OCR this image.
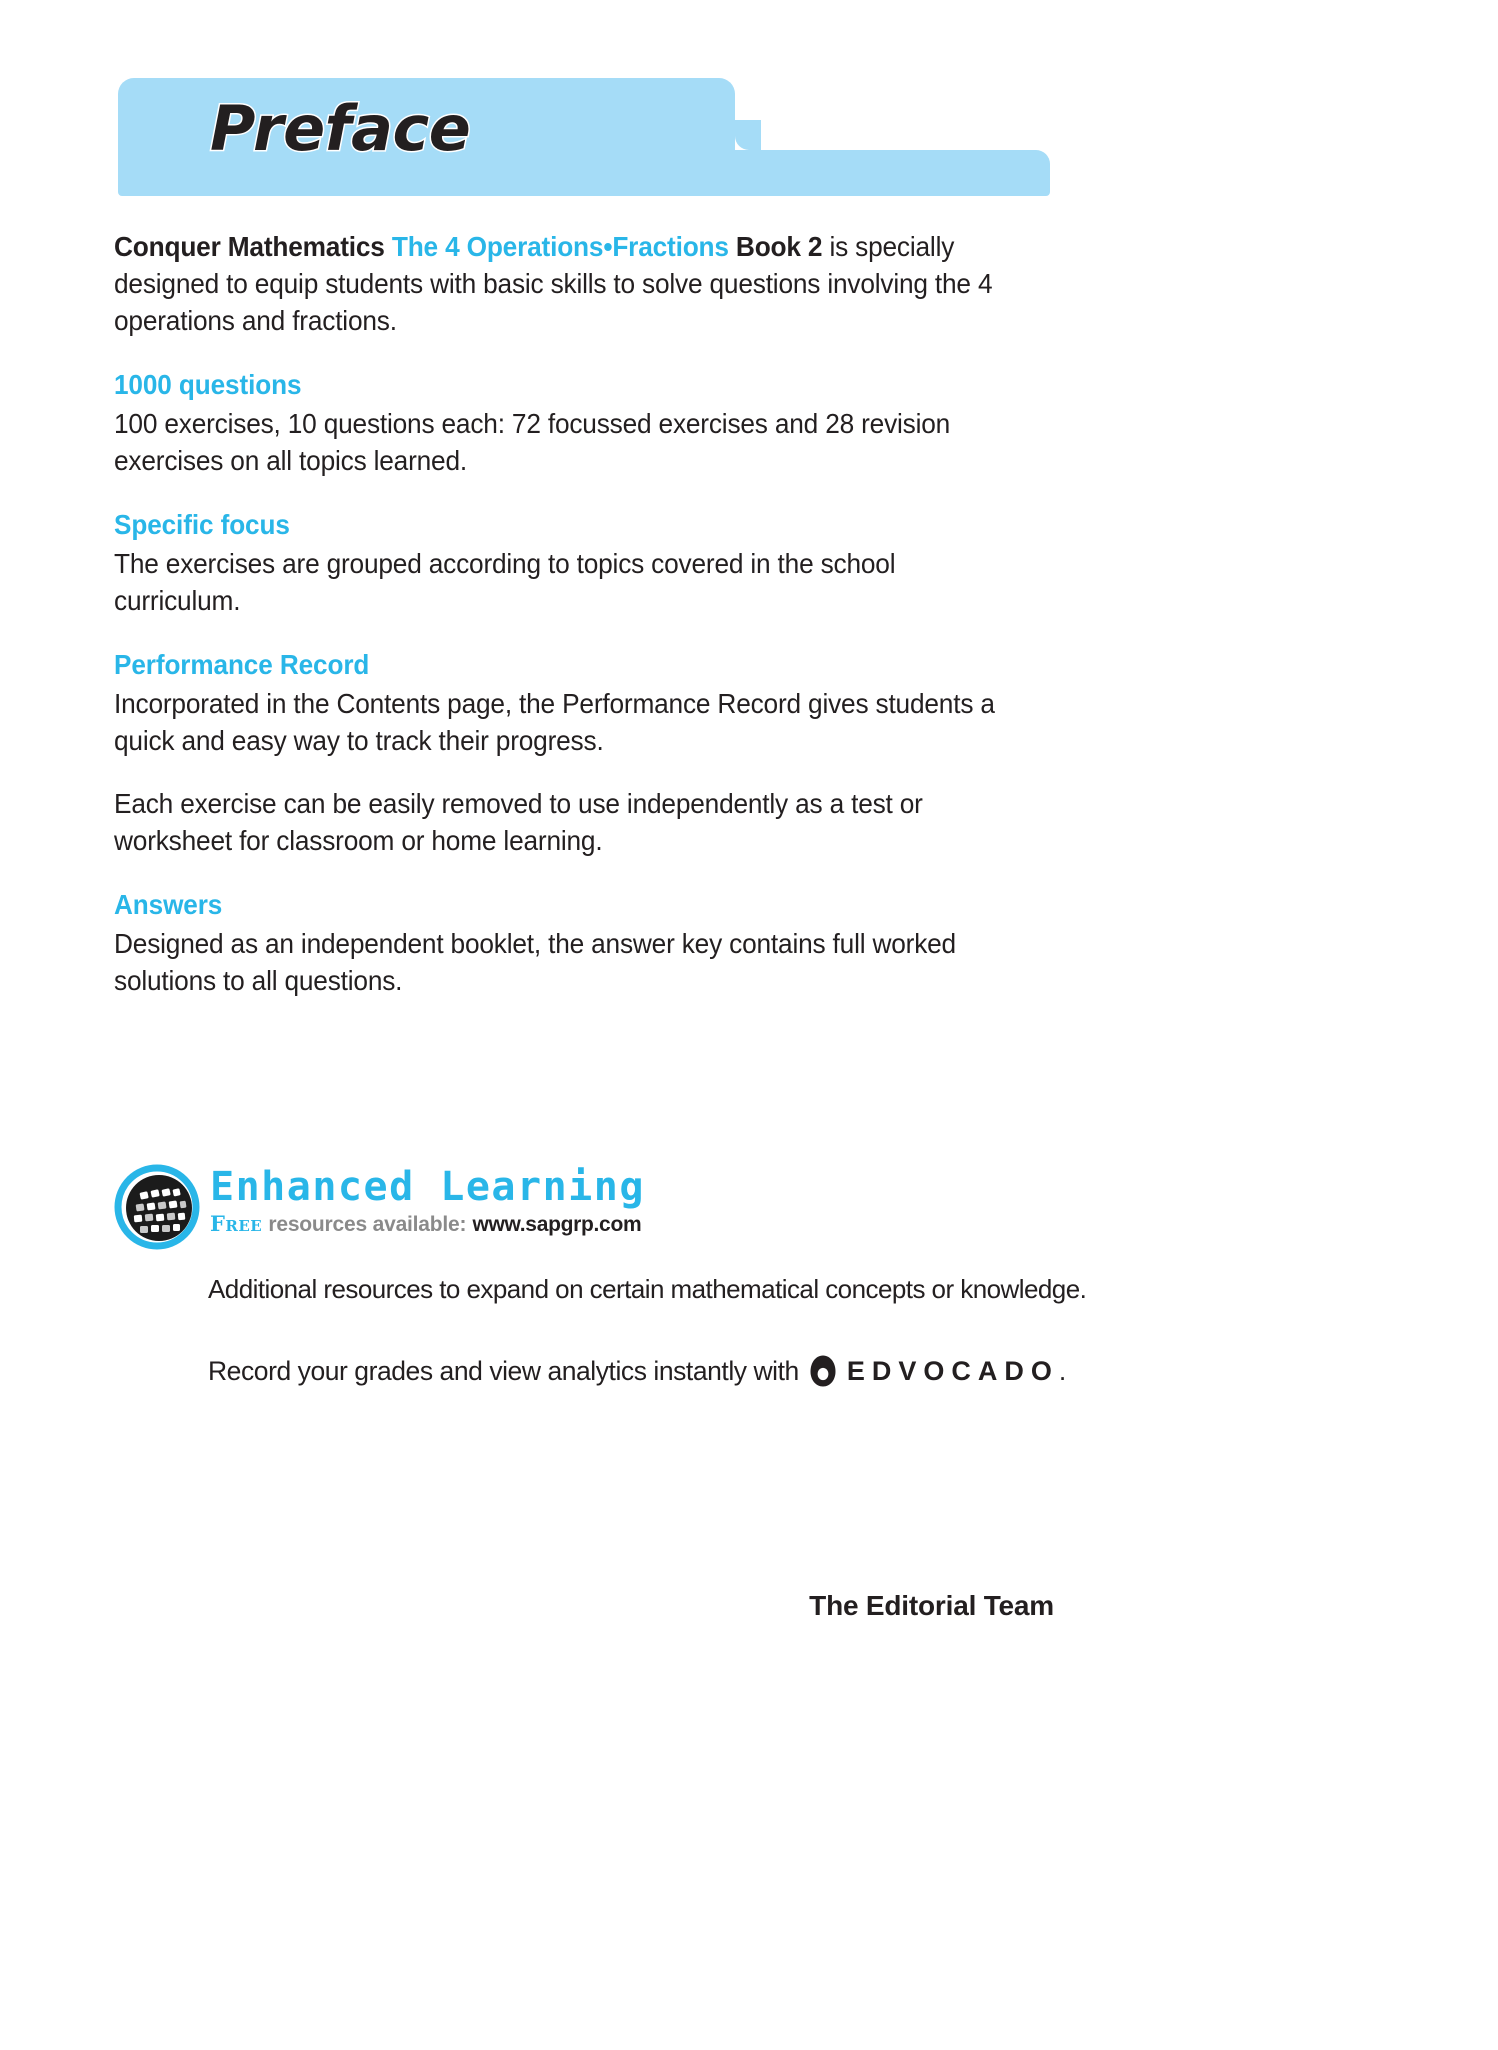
Preface

Conquer Mathematics The 4 Operations•Fractions Book 2 is specially designed to equip students with basic skills to solve questions involving the 4 operations and fractions.

1000 questions

100 exercises, 10 questions each: 72 focussed exercises and 28 revision exercises on all topics learned.

Specific focus

The exercises are grouped according to topics covered in the school curriculum.

Performance Record

Incorporated in the Contents page, the Performance Record gives students a quick and easy way to track their progress.

Each exercise can be easily removed to use independently as a test or worksheet for classroom or home learning.

Answers

Designed as an independent booklet, the answer key contains full worked solutions to all questions.

Enhanced Learning
Free resources available: www.sapgrp.com
Additional resources to expand on certain mathematical concepts or knowledge.
Record your grades and view analytics instantly with EDVOCADO .
The Editorial Team
